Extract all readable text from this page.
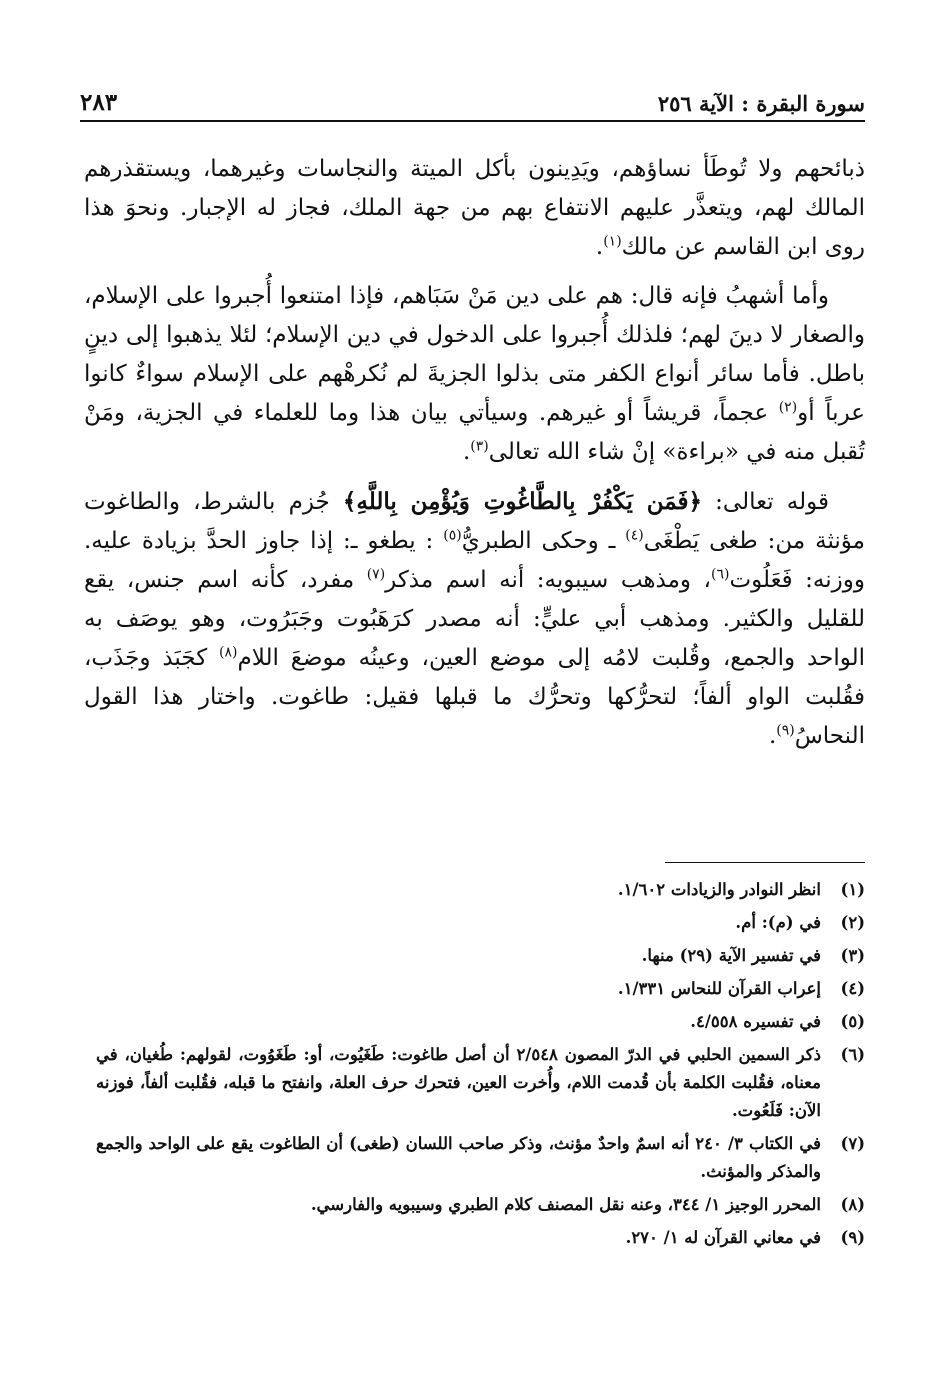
سورة البقرة : الآية ٢٥٦
٢٨٣

ذبائحهم ولا تُوطَأ نساؤهم، ويَدِينون بأكل الميتة والنجاسات وغيرهما، ويستقذرهم المالك لهم، ويتعذَّر عليهم الانتفاع بهم من جهة الملك، فجاز له الإجبار. ونحوَ هذا روى ابن القاسم عن مالك$^{(١)}$.

وأما أشهبُ فإنه قال: هم على دين مَنْ سَبَاهم، فإذا امتنعوا أُجبروا على الإسلام، والصغار لا دينَ لهم؛ فلذلك أُجبروا على الدخول في دين الإسلام؛ لئلا يذهبوا إلى دينٍ باطل. فأما سائر أنواع الكفر متى بذلوا الجزيةَ لم نُكرهْهم على الإسلام سواءٌ كانوا عرباً أو$^{(٢)}$ عجماً، قريشاً أو غيرهم. وسيأتي بيان هذا وما للعلماء في الجزية، ومَنْ تُقبل منه في «براءة» إنْ شاء الله تعالى$^{(٣)}$.

قوله تعالى: ﴿فَمَن يَكْفُرْ بِالطَّاغُوتِ وَيُؤْمِن بِاللَّهِ﴾ جُزم بالشرط، والطاغوت مؤنثة من: طغى يَطْغَى$^{(٤)}$ ـ وحكى الطبريُّ$^{(٥)}$ : يطغو ـ: إذا جاوز الحدَّ بزيادة عليه. ووزنه: فَعَلُوت$^{(٦)}$، ومذهب سيبويه: أنه اسم مذكر$^{(٧)}$ مفرد، كأنه اسم جنس، يقع للقليل والكثير. ومذهب أبي عليٍّ: أنه مصدر كرَهَبُوت وجَبَرُوت، وهو يوصَف به الواحد والجمع، وقُلبت لامُه إلى موضع العين، وعينُه موضعَ اللام$^{(٨)}$ كجَبَذ وجَذَب، فقُلبت الواو ألفاً؛ لتحرُّكها وتحرُّك ما قبلها فقيل: طاغوت. واختار هذا القول النحاسُ$^{(٩)}$.

(١)
انظر النوادر والزيادات ١/٦٠٢.
(٢)
في (م): أم.
(٣)
في تفسير الآية (٢٩) منها.
(٤)
إعراب القرآن للنحاس ١/٣٣١.
(٥)
في تفسيره ٤/٥٥٨.
(٦)
ذكر السمين الحلبي في الدرّ المصون ٢/٥٤٨ أن أصل طاغوت: طَغَيُوت، أو: طَغَوُوت، لقولهم: طُغيان، في معناه، فقُلبت الكلمة بأن قُدمت اللام، وأُخرت العين، فتحرك حرف العلة، وانفتح ما قبله، فقُلبت ألفاً، فوزنه الآن: فَلَعُوت.
(٧)
في الكتاب ٣/ ٢٤٠ أنه اسمٌ واحدٌ مؤنث، وذكر صاحب اللسان (طغى) أن الطاغوت يقع على الواحد والجمع والمذكر والمؤنث.
(٨)
المحرر الوجيز ١/ ٣٤٤، وعنه نقل المصنف كلام الطبري وسيبويه والفارسي.
(٩)
في معاني القرآن له ١/ ٢٧٠.
